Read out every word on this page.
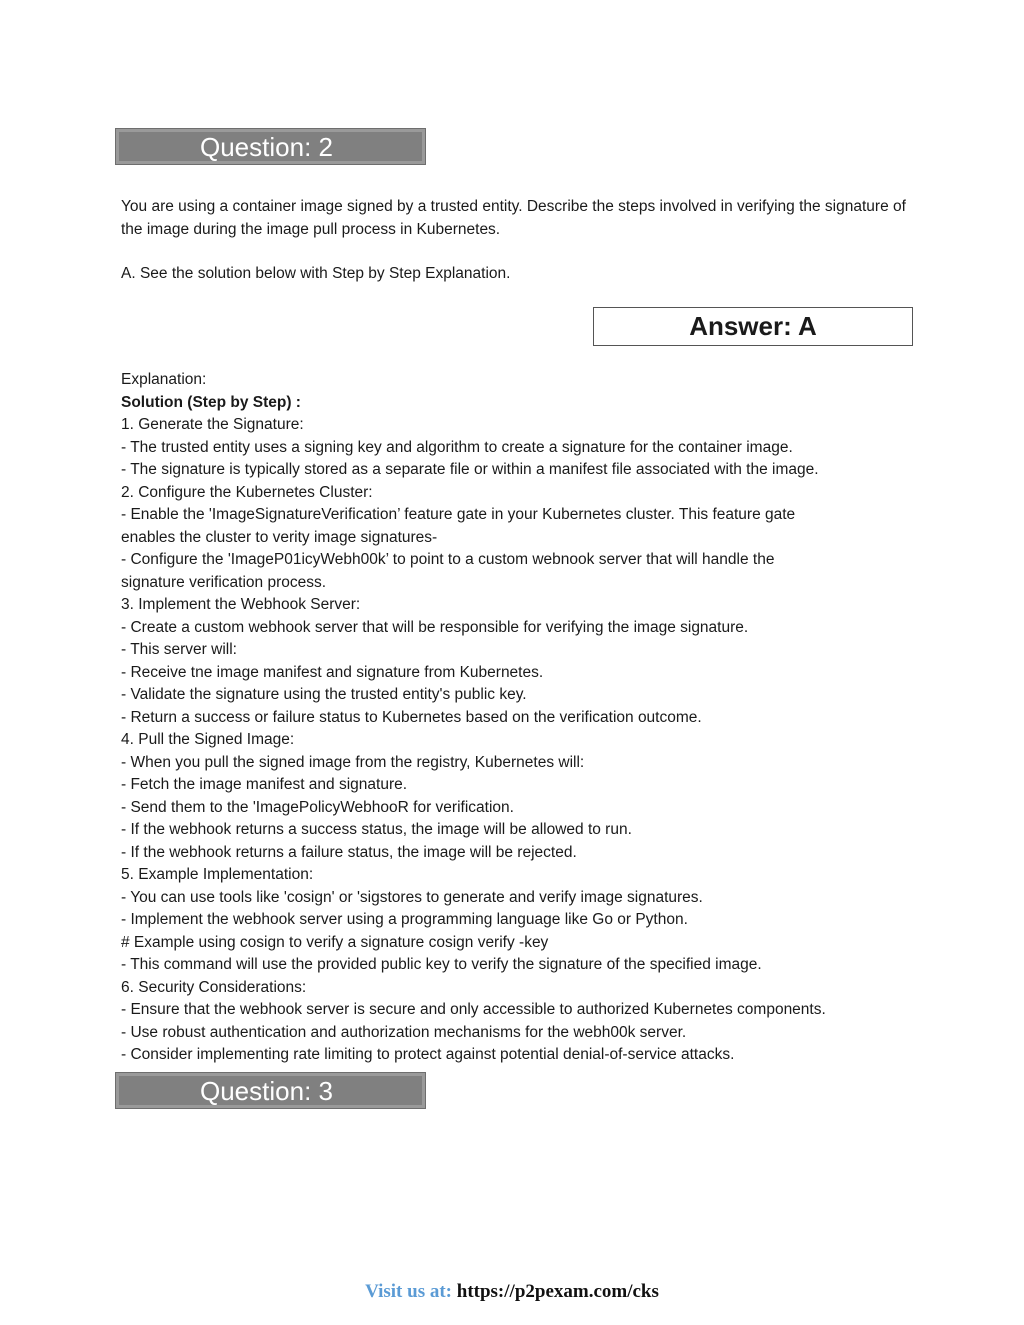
Question: 2

You are using a container image signed by a trusted entity. Describe the steps involved in verifying the signature of the image during the image pull process in Kubernetes.

A. See the solution below with Step by Step Explanation.

Answer: A
Explanation:
Solution (Step by Step) :
1. Generate the Signature:
- The trusted entity uses a signing key and algorithm to create a signature for the container image.
- The signature is typically stored as a separate file or within a manifest file associated with the image.
2. Configure the Kubernetes Cluster:
- Enable the 'ImageSignatureVerification’ feature gate in your Kubernetes cluster. This feature gate
enables the cluster to verity image signatures-
- Configure the 'ImageP01icyWebh00k’ to point to a custom webnook server that will handle the
signature verification process.
3. Implement the Webhook Server:
- Create a custom webhook server that will be responsible for verifying the image signature.
- This server will:
- Receive tne image manifest and signature from Kubernetes.
- Validate the signature using the trusted entity's public key.
- Return a success or failure status to Kubernetes based on the verification outcome.
4. Pull the Signed Image:
- When you pull the signed image from the registry, Kubernetes will:
- Fetch the image manifest and signature.
- Send them to the 'ImagePolicyWebhooR for verification.
- If the webhook returns a success status, the image will be allowed to run.
- If the webhook returns a failure status, the image will be rejected.
5. Example Implementation:
- You can use tools like 'cosign' or 'sigstores to generate and verify image signatures.
- Implement the webhook server using a programming language like Go or Python.
# Example using cosign to verify a signature cosign verify -key
- This command will use the provided public key to verify the signature of the specified image.
6. Security Considerations:
- Ensure that the webhook server is secure and only accessible to authorized Kubernetes components.
- Use robust authentication and authorization mechanisms for the webh00k server.
- Consider implementing rate limiting to protect against potential denial-of-service attacks.
Question: 3
Visit us at: https://p2pexam.com/cks
